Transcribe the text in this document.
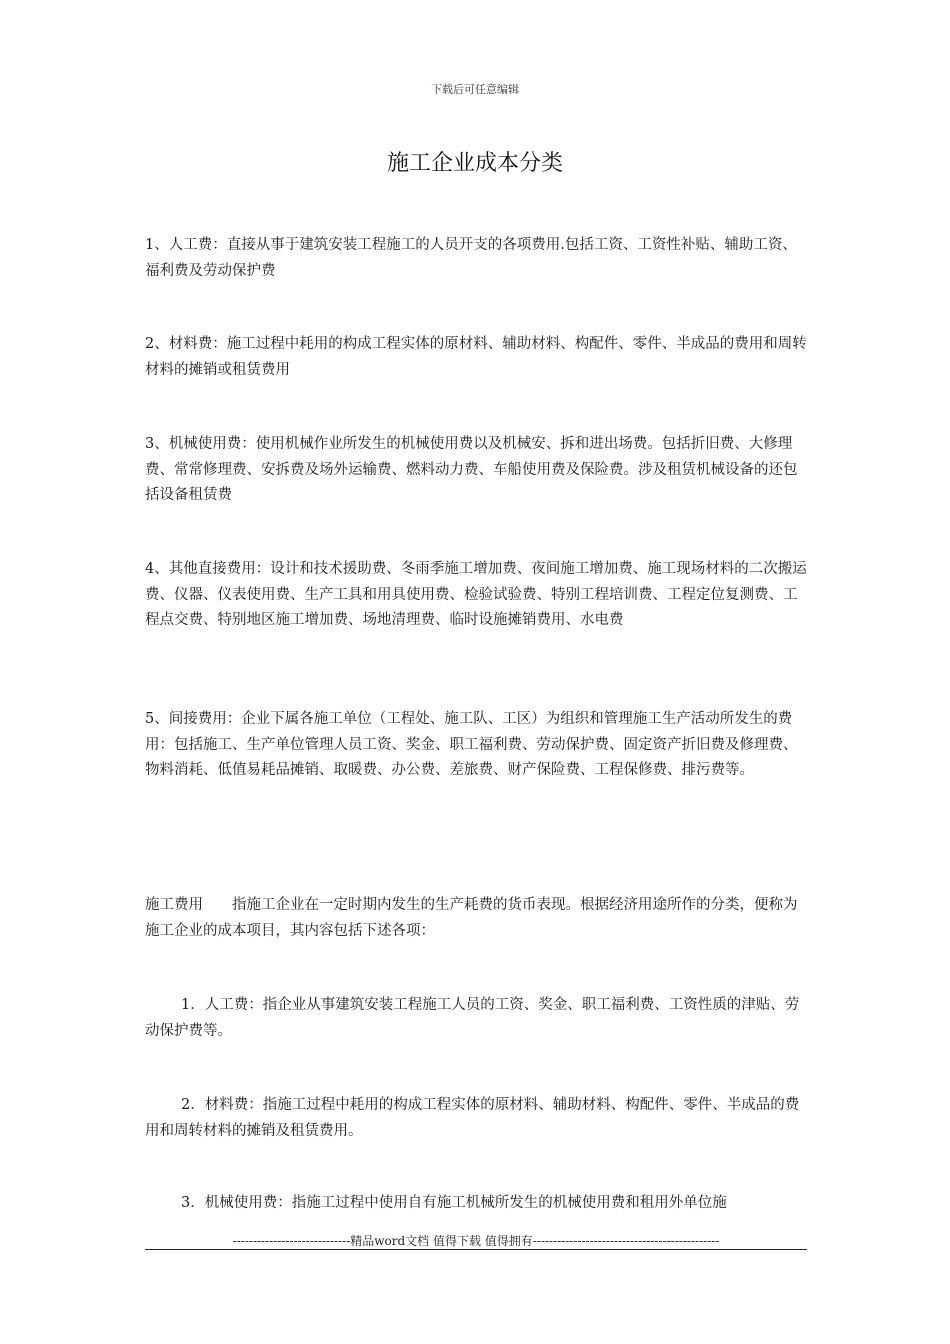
下载后可任意编辑
施工企业成本分类

1、人工费：直接从事于建筑安装工程施工的人员开支的各项费用.包括工资、工资性补贴、辅助工资、福利费及劳动保护费

2、材料费：施工过程中耗用的构成工程实体的原材料、辅助材料、构配件、零件、半成品的费用和周转材料的摊销或租赁费用

3、机械使用费：使用机械作业所发生的机械使用费以及机械安、拆和进出场费。包括折旧费、大修理费、常常修理费、安拆费及场外运输费、燃料动力费、车船使用费及保险费。涉及租赁机械设备的还包括设备租赁费

4、其他直接费用：设计和技术援助费、冬雨季施工增加费、夜间施工增加费、施工现场材料的二次搬运费、仪器、仪表使用费、生产工具和用具使用费、检验试验费、特别工程培训费、工程定位复测费、工程点交费、特别地区施工增加费、场地清理费、临时设施摊销费用、水电费

5、间接费用：企业下属各施工单位（工程处、施工队、工区）为组织和管理施工生产活动所发生的费用：包括施工、生产单位管理人员工资、奖金、职工福利费、劳动保护费、固定资产折旧费及修理费、物料消耗、低值易耗品摊销、取暖费、办公费、差旅费、财产保险费、工程保修费、排污费等。

施工费用　　指施工企业在一定时期内发生的生产耗费的货币表现。根据经济用途所作的分类，便称为施工企业的成本项目，其内容包括下述各项：

1．人工费：指企业从事建筑安装工程施工人员的工资、奖金、职工福利费、工资性质的津贴、劳动保护费等。

2．材料费：指施工过程中耗用的构成工程实体的原材料、辅助材料、构配件、零件、半成品的费用和周转材料的摊销及租赁费用。

3．机械使用费：指施工过程中使用自有施工机械所发生的机械使用费和租用外单位施

-----------------------------精品word文档 值得下载 值得拥有----------------------------------------------
